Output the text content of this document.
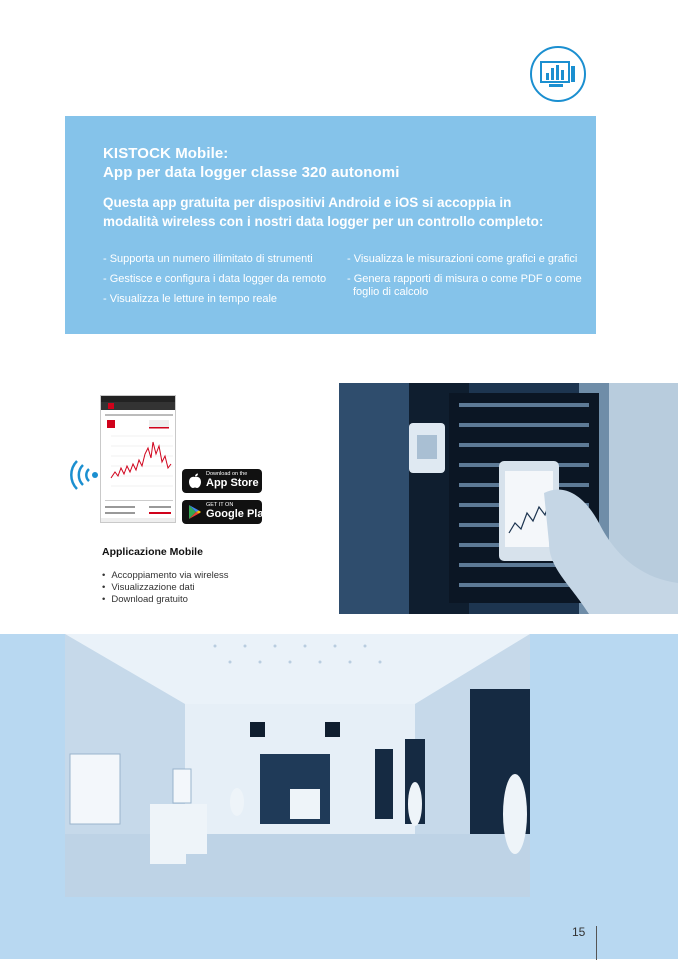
KISTOCK Mobile:
App per data logger classe 320 autonomi
Questa app gratuita per dispositivi Android e iOS si accoppia in
modalità wireless con i nostri data logger per un controllo completo:
- Supporta un numero illimitato di strumenti
- Gestisce e configura i data logger da remoto
- Visualizza le letture in tempo reale
- Visualizza le misurazioni come grafici e grafici
- Genera rapporti di misura o come PDF o come
foglio di calcolo
Download on the
App Store
GET IT ON
Google Play
Applicazione Mobile
• Accoppiamento via wireless
• Visualizzazione dati
• Download gratuito
15
